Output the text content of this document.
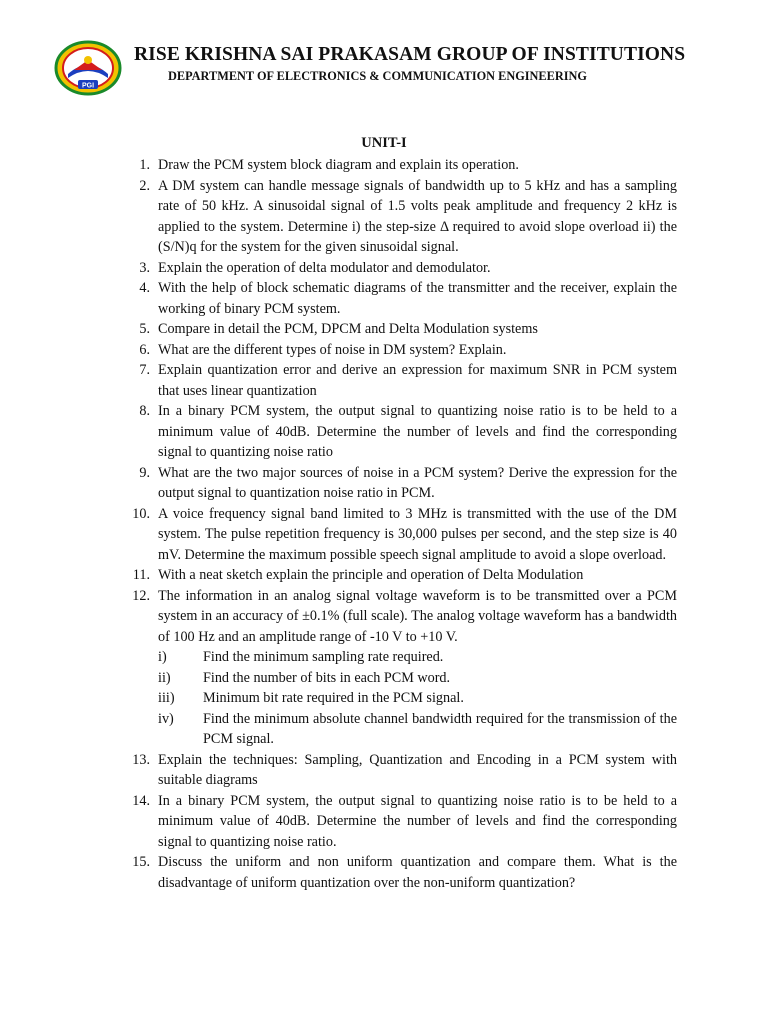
PGI
RISE KRISHNA SAI PRAKASAM GROUP OF INSTITUTIONS
DEPARTMENT OF ELECTRONICS & COMMUNICATION ENGINEERING
UNIT-I
1. Draw the PCM system block diagram and explain its operation.
2. A DM system can handle message signals of bandwidth up to 5 kHz and has a sampling rate of 50 kHz. A sinusoidal signal of 1.5 volts peak amplitude and frequency 2 kHz is applied to the system. Determine i) the step-size Δ required to avoid slope overload ii) the (S/N)q for the system for the given sinusoidal signal.
3. Explain the operation of delta modulator and demodulator.
4. With the help of block schematic diagrams of the transmitter and the receiver, explain the working of binary PCM system.
5. Compare in detail the PCM, DPCM and Delta Modulation systems
6. What are the different types of noise in DM system? Explain.
7. Explain quantization error and derive an expression for maximum SNR in PCM system that uses linear quantization
8. In a binary PCM system, the output signal to quantizing noise ratio is to be held to a minimum value of 40dB. Determine the number of levels and find the corresponding signal to quantizing noise ratio
9. What are the two major sources of noise in a PCM system? Derive the expression for the output signal to quantization noise ratio in PCM.
10. A voice frequency signal band limited to 3 MHz is transmitted with the use of the DM system. The pulse repetition frequency is 30,000 pulses per second, and the step size is 40 mV. Determine the maximum possible speech signal amplitude to avoid a slope overload.
11. With a neat sketch explain the principle and operation of Delta Modulation
12. The information in an analog signal voltage waveform is to be transmitted over a PCM system in an accuracy of ±0.1% (full scale). The analog voltage waveform has a bandwidth of 100 Hz and an amplitude range of -10 V to +10 V.
i)	Find the minimum sampling rate required.
ii) Find the number of bits in each PCM word.
iii) Minimum bit rate required in the PCM signal.
iv) Find the minimum absolute channel bandwidth required for the transmission of the PCM signal.
13. Explain the techniques: Sampling, Quantization and Encoding in a PCM system with suitable diagrams
14. In a binary PCM system, the output signal to quantizing noise ratio is to be held to a minimum value of 40dB. Determine the number of levels and find the corresponding signal to quantizing noise ratio.
15. Discuss the uniform and non uniform quantization and compare them. What is the disadvantage of uniform quantization over the non-uniform quantization?
